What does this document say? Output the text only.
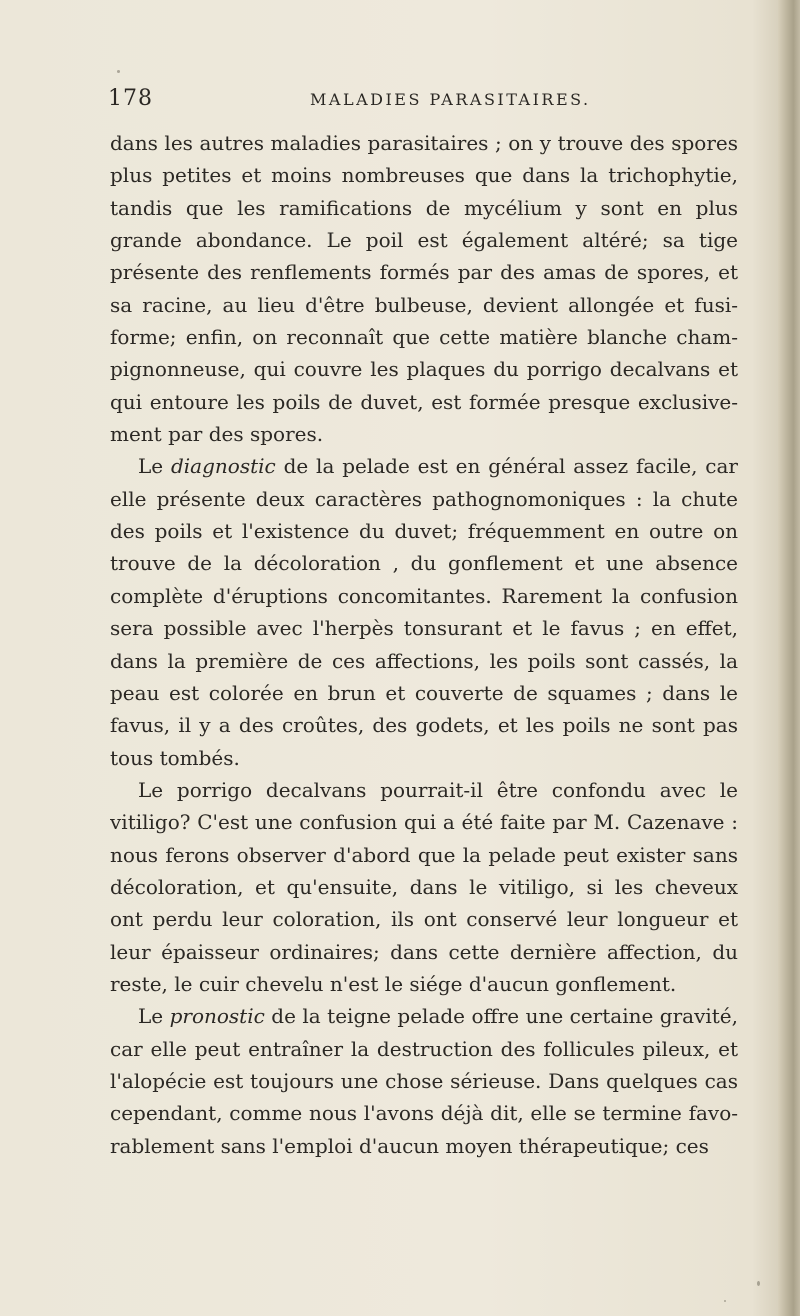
178	MALADIES PARASITAIRES.
dans les autres maladies parasitaires ; on y trouve des spores
plus petites et moins nombreuses que dans la trichophytie,
tandis que les ramifications de mycélium y sont en plus
grande abondance. Le poil est également altéré; sa tige
présente des renflements formés par des amas de spores, et
sa racine, au lieu d'être bulbeuse, devient allongée et fusi-
forme; enfin, on reconnaît que cette matière blanche cham-
pignonneuse, qui couvre les plaques du porrigo decalvans et
qui entoure les poils de duvet, est formée presque exclusive-
ment par des spores.
Le diagnostic de la pelade est en général assez facile, car
elle présente deux caractères pathognomoniques : la chute
des poils et l'existence du duvet; fréquemment en outre on
trouve de la décoloration , du gonflement et une absence
complète d'éruptions concomitantes. Rarement la confusion
sera possible avec l'herpès tonsurant et le favus ; en effet,
dans la première de ces affections, les poils sont cassés, la
peau est colorée en brun et couverte de squames ; dans le
favus, il y a des croûtes, des godets, et les poils ne sont pas
tous tombés.
Le porrigo decalvans pourrait-il être confondu avec le
vitiligo? C'est une confusion qui a été faite par M. Cazenave :
nous ferons observer d'abord que la pelade peut exister sans
décoloration, et qu'ensuite, dans le vitiligo, si les cheveux
ont perdu leur coloration, ils ont conservé leur longueur et
leur épaisseur ordinaires; dans cette dernière affection, du
reste, le cuir chevelu n'est le siége d'aucun gonflement.
Le pronostic de la teigne pelade offre une certaine gravité,
car elle peut entraîner la destruction des follicules pileux, et
l'alopécie est toujours une chose sérieuse. Dans quelques cas
cependant, comme nous l'avons déjà dit, elle se termine favo-
rablement sans l'emploi d'aucun moyen thérapeutique; ces
